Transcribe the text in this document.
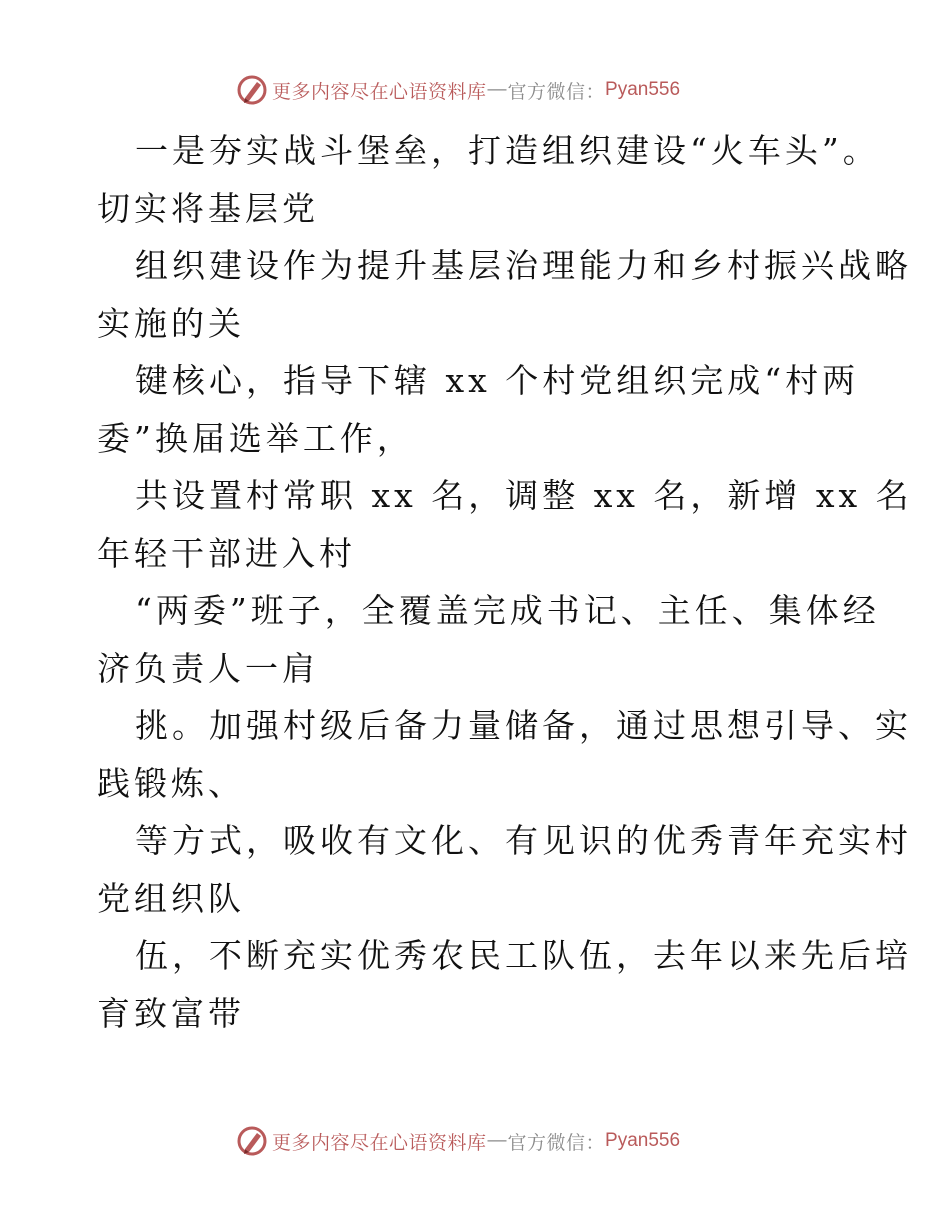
更多内容尽在心语资料库 — 官方微信： Pyan556
一是夯实战斗堡垒，打造组织建设“火车头”。
切实将基层党
组织建设作为提升基层治理能力和乡村振兴战略
实施的关
键核心，指导下辖 xx 个村党组织完成“村两
委”换届选举工作，
共设置村常职 xx 名，调整 xx 名，新增 xx 名
年轻干部进入村
“两委”班子，全覆盖完成书记、主任、集体经
济负责人一肩
挑。加强村级后备力量储备，通过思想引导、实
践锻炼、
等方式，吸收有文化、有见识的优秀青年充实村
党组织队
伍，不断充实优秀农民工队伍，去年以来先后培
育致富带
更多内容尽在心语资料库 — 官方微信： Pyan556
